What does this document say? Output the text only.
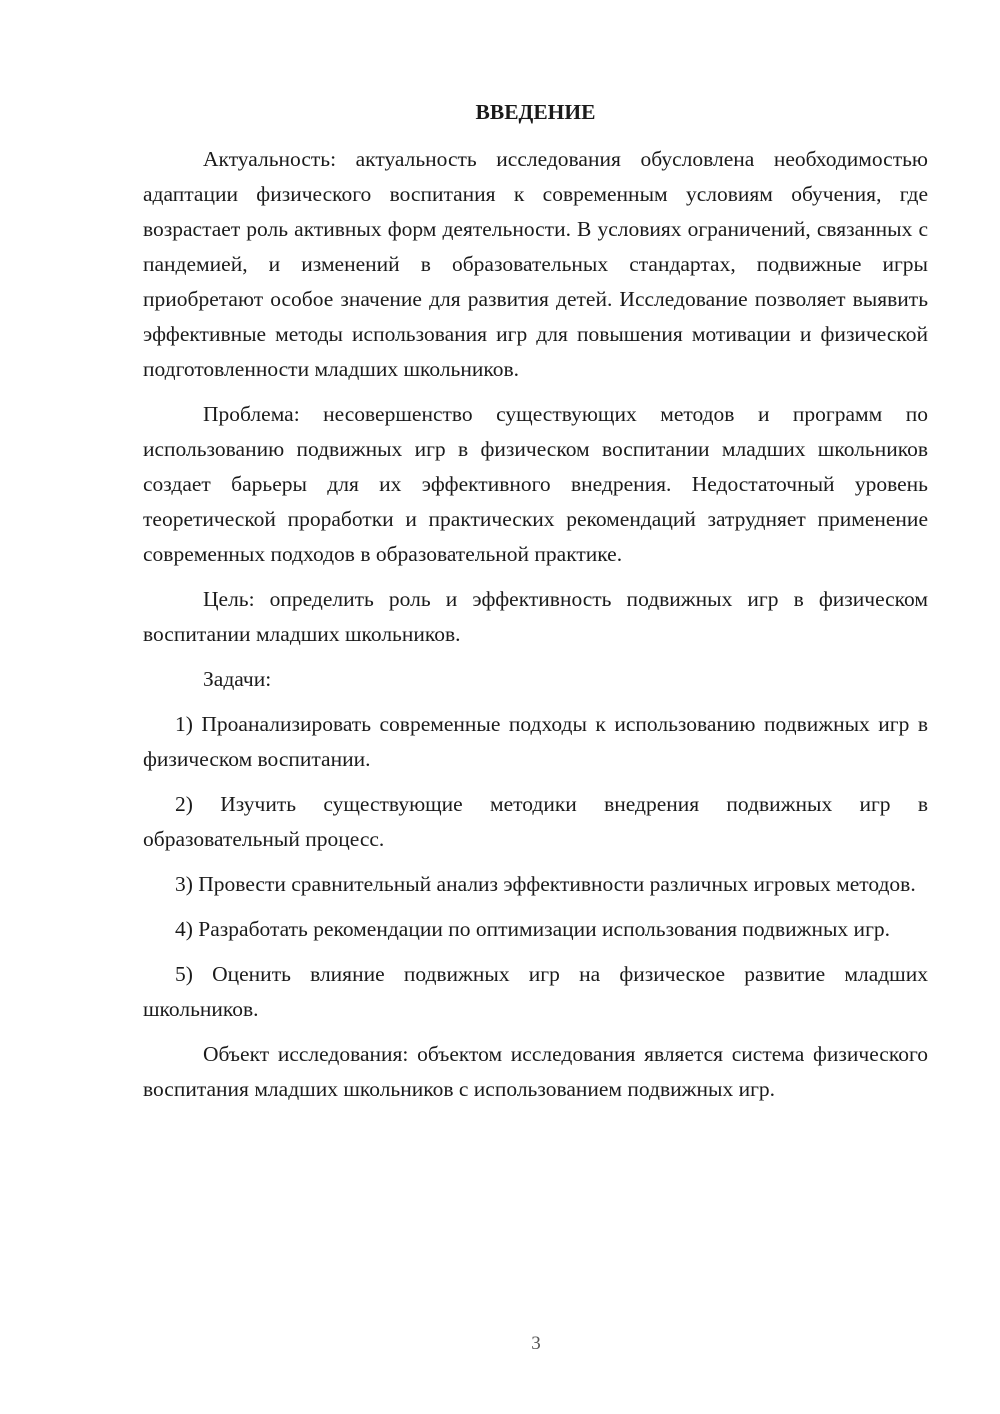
ВВЕДЕНИЕ

Актуальность: актуальность исследования обусловлена необходимостью адаптации физического воспитания к современным условиям обучения, где возрастает роль активных форм деятельности. В условиях ограничений, связанных с пандемией, и изменений в образовательных стандартах, подвижные игры приобретают особое значение для развития детей. Исследование позволяет выявить эффективные методы использования игр для повышения мотивации и физической подготовленности младших школьников.

Проблема: несовершенство существующих методов и программ по использованию подвижных игр в физическом воспитании младших школьников создает барьеры для их эффективного внедрения. Недостаточный уровень теоретической проработки и практических рекомендаций затрудняет применение современных подходов в образовательной практике.

Цель: определить роль и эффективность подвижных игр в физическом воспитании младших школьников.

Задачи:

1) Проанализировать современные подходы к использованию подвижных игр в физическом воспитании.

2) Изучить существующие методики внедрения подвижных игр в образовательный процесс.

3) Провести сравнительный анализ эффективности различных игровых методов.

4) Разработать рекомендации по оптимизации использования подвижных игр.

5) Оценить влияние подвижных игр на физическое развитие младших школьников.

Объект исследования: объектом исследования является система физического воспитания младших школьников с использованием подвижных игр.

3
